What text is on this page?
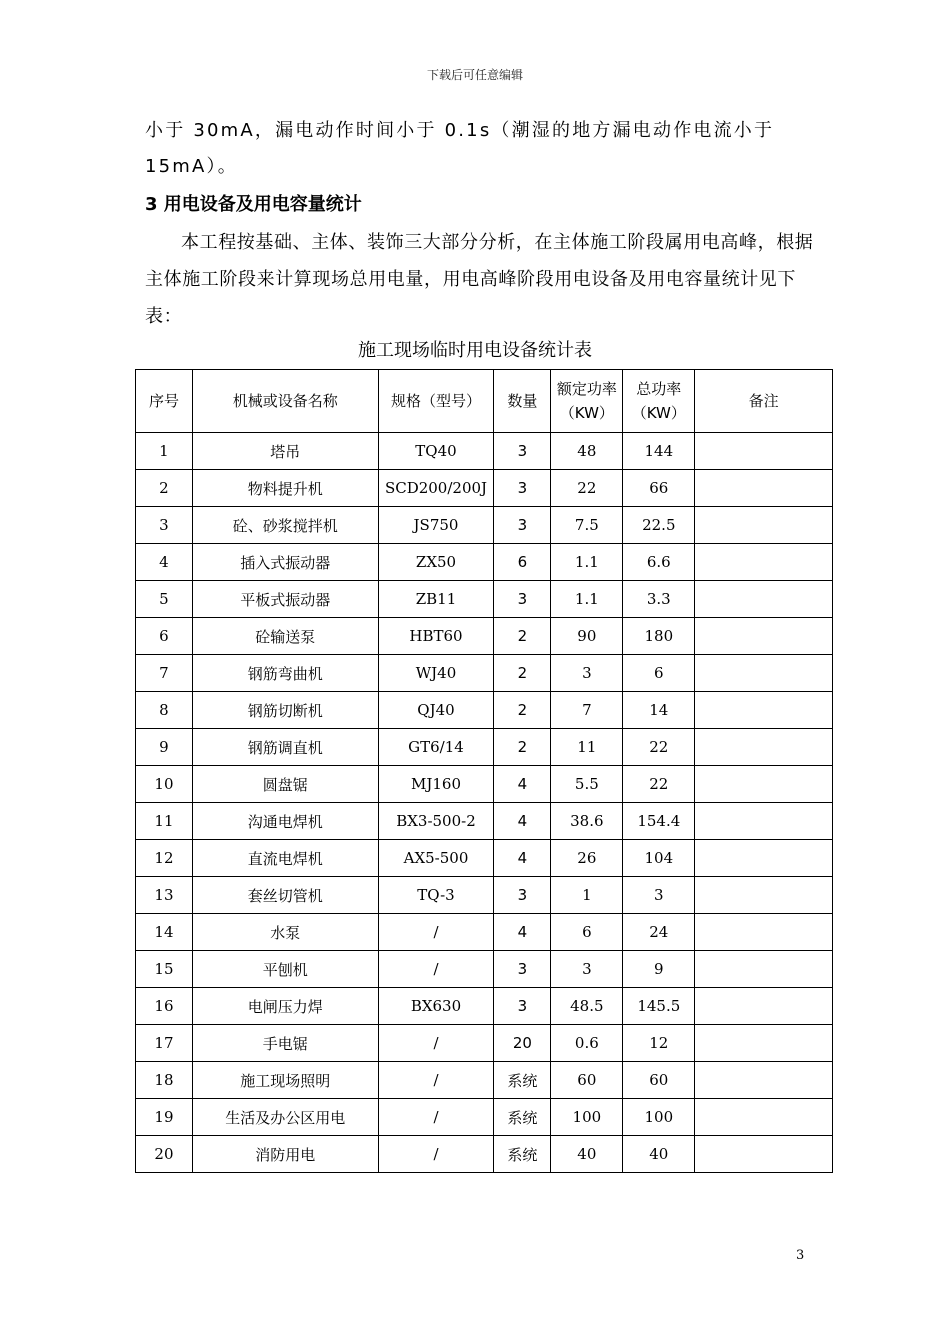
下载后可任意编辑
小于 30mA，漏电动作时间小于 0.1s（潮湿的地方漏电动作电流小于 15mA）。
3 用电设备及用电容量统计
本工程按基础、主体、装饰三大部分分析，在主体施工阶段属用电高峰，根据主体施工阶段来计算现场总用电量，用电高峰阶段用电设备及用电容量统计见下表：
施工现场临时用电设备统计表
序号	机械或设备名称	规格（型号）	数量	额定功率（KW）	总功率（KW）	备注
1	塔吊	TQ40	3	48	144	
2	物料提升机	SCD200/200J	3	22	66	
3	砼、砂浆搅拌机	JS750	3	7.5	22.5	
4	插入式振动器	ZX50	6	1.1	6.6	
5	平板式振动器	ZB11	3	1.1	3.3	
6	砼输送泵	HBT60	2	90	180	
7	钢筋弯曲机	WJ40	2	3	6	
8	钢筋切断机	QJ40	2	7	14	
9	钢筋调直机	GT6/14	2	11	22	
10	圆盘锯	MJ160	4	5.5	22	
11	沟通电焊机	BX3-500-2	4	38.6	154.4	
12	直流电焊机	AX5-500	4	26	104	
13	套丝切管机	TQ-3	3	1	3	
14	水泵	/	4	6	24	
15	平刨机	/	3	3	9	
16	电闸压力焊	BX630	3	48.5	145.5	
17	手电锯	/	20	0.6	12	
18	施工现场照明	/	系统	60	60	
19	生活及办公区用电	/	系统	100	100	
20	消防用电	/	系统	40	40	
3
